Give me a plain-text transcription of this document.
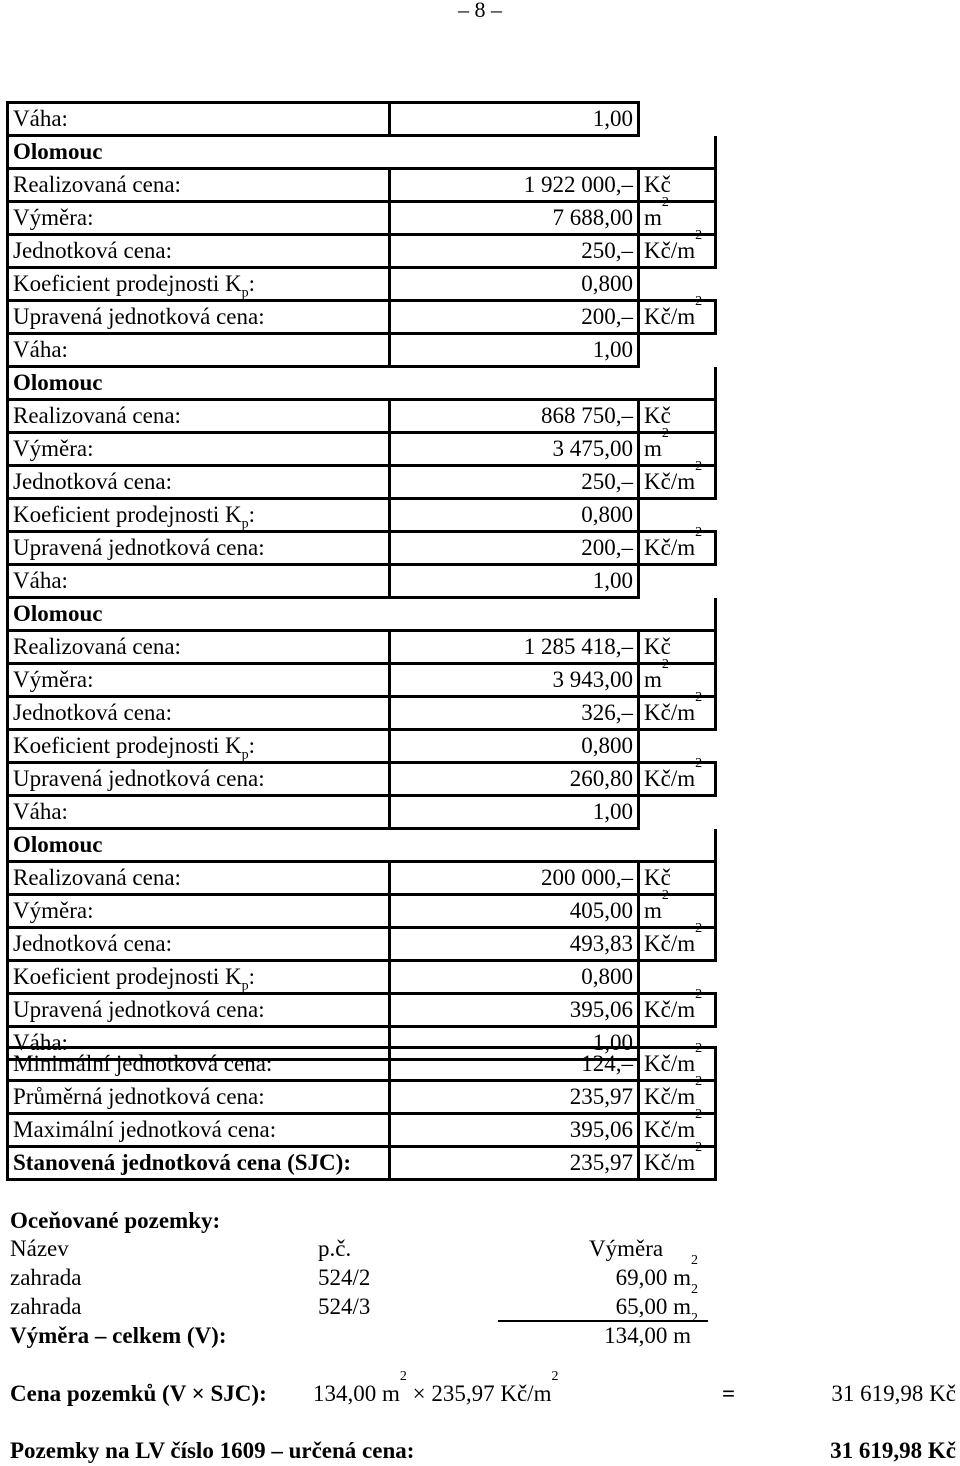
– 8 –
Váha:	1,00	
Olomouc		
Realizovaná cena:	1 922 000,–	Kč
Výměra:	7 688,00	$m^2$
Jednotková cena:	250,–	$Kč/m^2$
Koeficient prodejnosti $K_p$:	0,800	
Upravená jednotková cena:	200,–	$Kč/m^2$
Váha:	1,00	
Olomouc		
Realizovaná cena:	868 750,–	Kč
Výměra:	3 475,00	$m^2$
Jednotková cena:	250,–	$Kč/m^2$
Koeficient prodejnosti $K_p$:	0,800	
Upravená jednotková cena:	200,–	$Kč/m^2$
Váha:	1,00	
Olomouc		
Realizovaná cena:	1 285 418,–	Kč
Výměra:	3 943,00	$m^2$
Jednotková cena:	326,–	$Kč/m^2$
Koeficient prodejnosti $K_p$:	0,800	
Upravená jednotková cena:	260,80	$Kč/m^2$
Váha:	1,00	
Olomouc		
Realizovaná cena:	200 000,–	Kč
Výměra:	405,00	$m^2$
Jednotková cena:	493,83	$Kč/m^2$
Koeficient prodejnosti $K_p$:	0,800	
Upravená jednotková cena:	395,06	$Kč/m^2$
Váha:	1,00	
Minimální jednotková cena:	124,–	$Kč/m^2$
Průměrná jednotková cena:	235,97	$Kč/m^2$
Maximální jednotková cena:	395,06	$Kč/m^2$
Stanovená jednotková cena (SJC):	235,97	$Kč/m^2$
Oceňované pozemky:
Název	p.č.	Výměra
zahrada	524/2	69,00 $m^2$
zahrada	524/3	65,00 $m^2$
Výměra – celkem (V):	134,00 $m^2$
Cena pozemků (V × SJC): 134,00 $m^2 \times 235,97$ $Kč/m^2$
=	31 619,98 Kč
Pozemky na LV číslo 1609 – určená cena:	31 619,98 Kč
